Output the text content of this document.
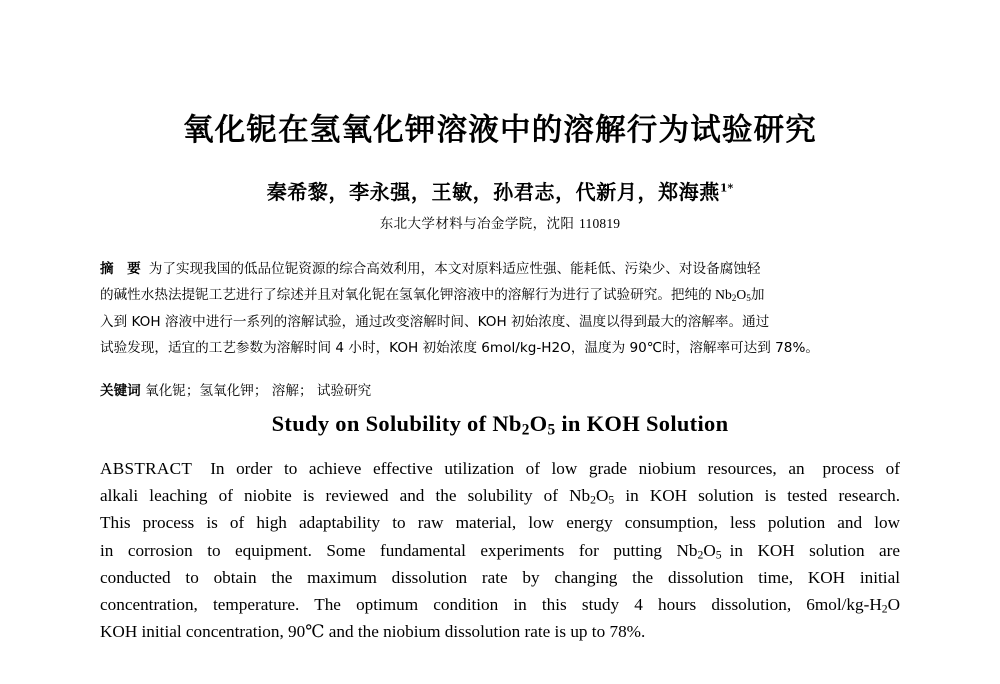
氧化铌在氢氧化钾溶液中的溶解行为试验研究

秦希黎，李永强，王敏，孙君志，代新月，郑海燕$^{1*}$

东北大学材料与冶金学院，沈阳 110819

摘　要 为了实现我国的低品位铌资源的综合高效利用，本文对原料适应性强、能耗低、污染少、对设备腐蚀轻
的碱性水热法提铌工艺进行了综述并且对氧化铌在氢氧化钾溶液中的溶解行为进行了试验研究。把纯的 $Nb_2O_5$加
入到 KOH 溶液中进行一系列的溶解试验，通过改变溶解时间、KOH 初始浓度、温度以得到最大的溶解率。通过
试验发现，适宜的工艺参数为溶解时间 4 小时，KOH 初始浓度 6mol/kg-H2O，温度为 90℃时，溶解率可达到 78%。

关键词 氧化铌；氢氧化钾； 溶解； 试验研究

Study on Solubility of $Nb_2O_5$ in KOH Solution
ABSTRACT In order to achieve effective utilization of low grade niobium resources, an process of
alkali leaching of niobite is reviewed and the solubility of $Nb_2O_5$ in KOH solution is tested research.
This process is of high adaptability to raw material, low energy consumption, less polution and low
in corrosion to equipment. Some fundamental experiments for putting $Nb_2O_5$ in KOH solution are
conducted to obtain the maximum dissolution rate by changing the dissolution time, KOH initial
concentration, temperature. The optimum condition in this study 4 hours dissolution, $6mol/kg-H_2O$
KOH initial concentration, 90℃ and the niobium dissolution rate is up to 78%.
